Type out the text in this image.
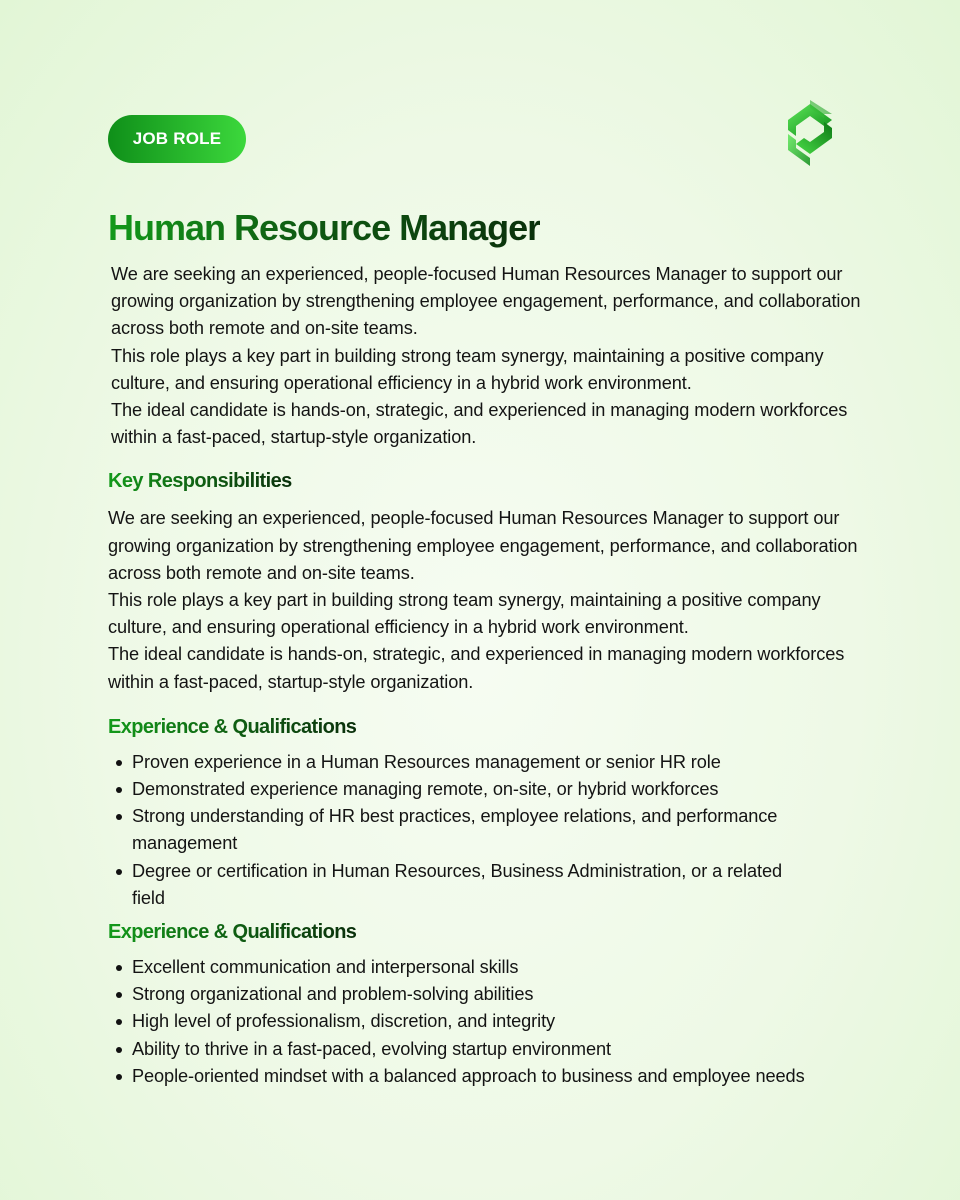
JOB ROLE
Human Resource Manager

We are seeking an experienced, people-focused Human Resources Manager to support our growing organization by strengthening employee engagement, performance, and collaboration across both remote and on-site teams.

This role plays a key part in building strong team synergy, maintaining a positive company culture, and ensuring operational efficiency in a hybrid work environment.

The ideal candidate is hands-on, strategic, and experienced in managing modern workforces within a fast-paced, startup-style organization.

Key Responsibilities

We are seeking an experienced, people-focused Human Resources Manager to support our growing organization by strengthening employee engagement, performance, and collaboration across both remote and on-site teams.

This role plays a key part in building strong team synergy, maintaining a positive company culture, and ensuring operational efficiency in a hybrid work environment.

The ideal candidate is hands-on, strategic, and experienced in managing modern workforces within a fast-paced, startup-style organization.

Experience & Qualifications
Proven experience in a Human Resources management or senior HR role
Demonstrated experience managing remote, on-site, or hybrid workforces
Strong understanding of HR best practices, employee relations, and performance management
Degree or certification in Human Resources, Business Administration, or a related field
Experience & Qualifications
Excellent communication and interpersonal skills
Strong organizational and problem-solving abilities
High level of professionalism, discretion, and integrity
Ability to thrive in a fast-paced, evolving startup environment
People-oriented mindset with a balanced approach to business and employee needs
